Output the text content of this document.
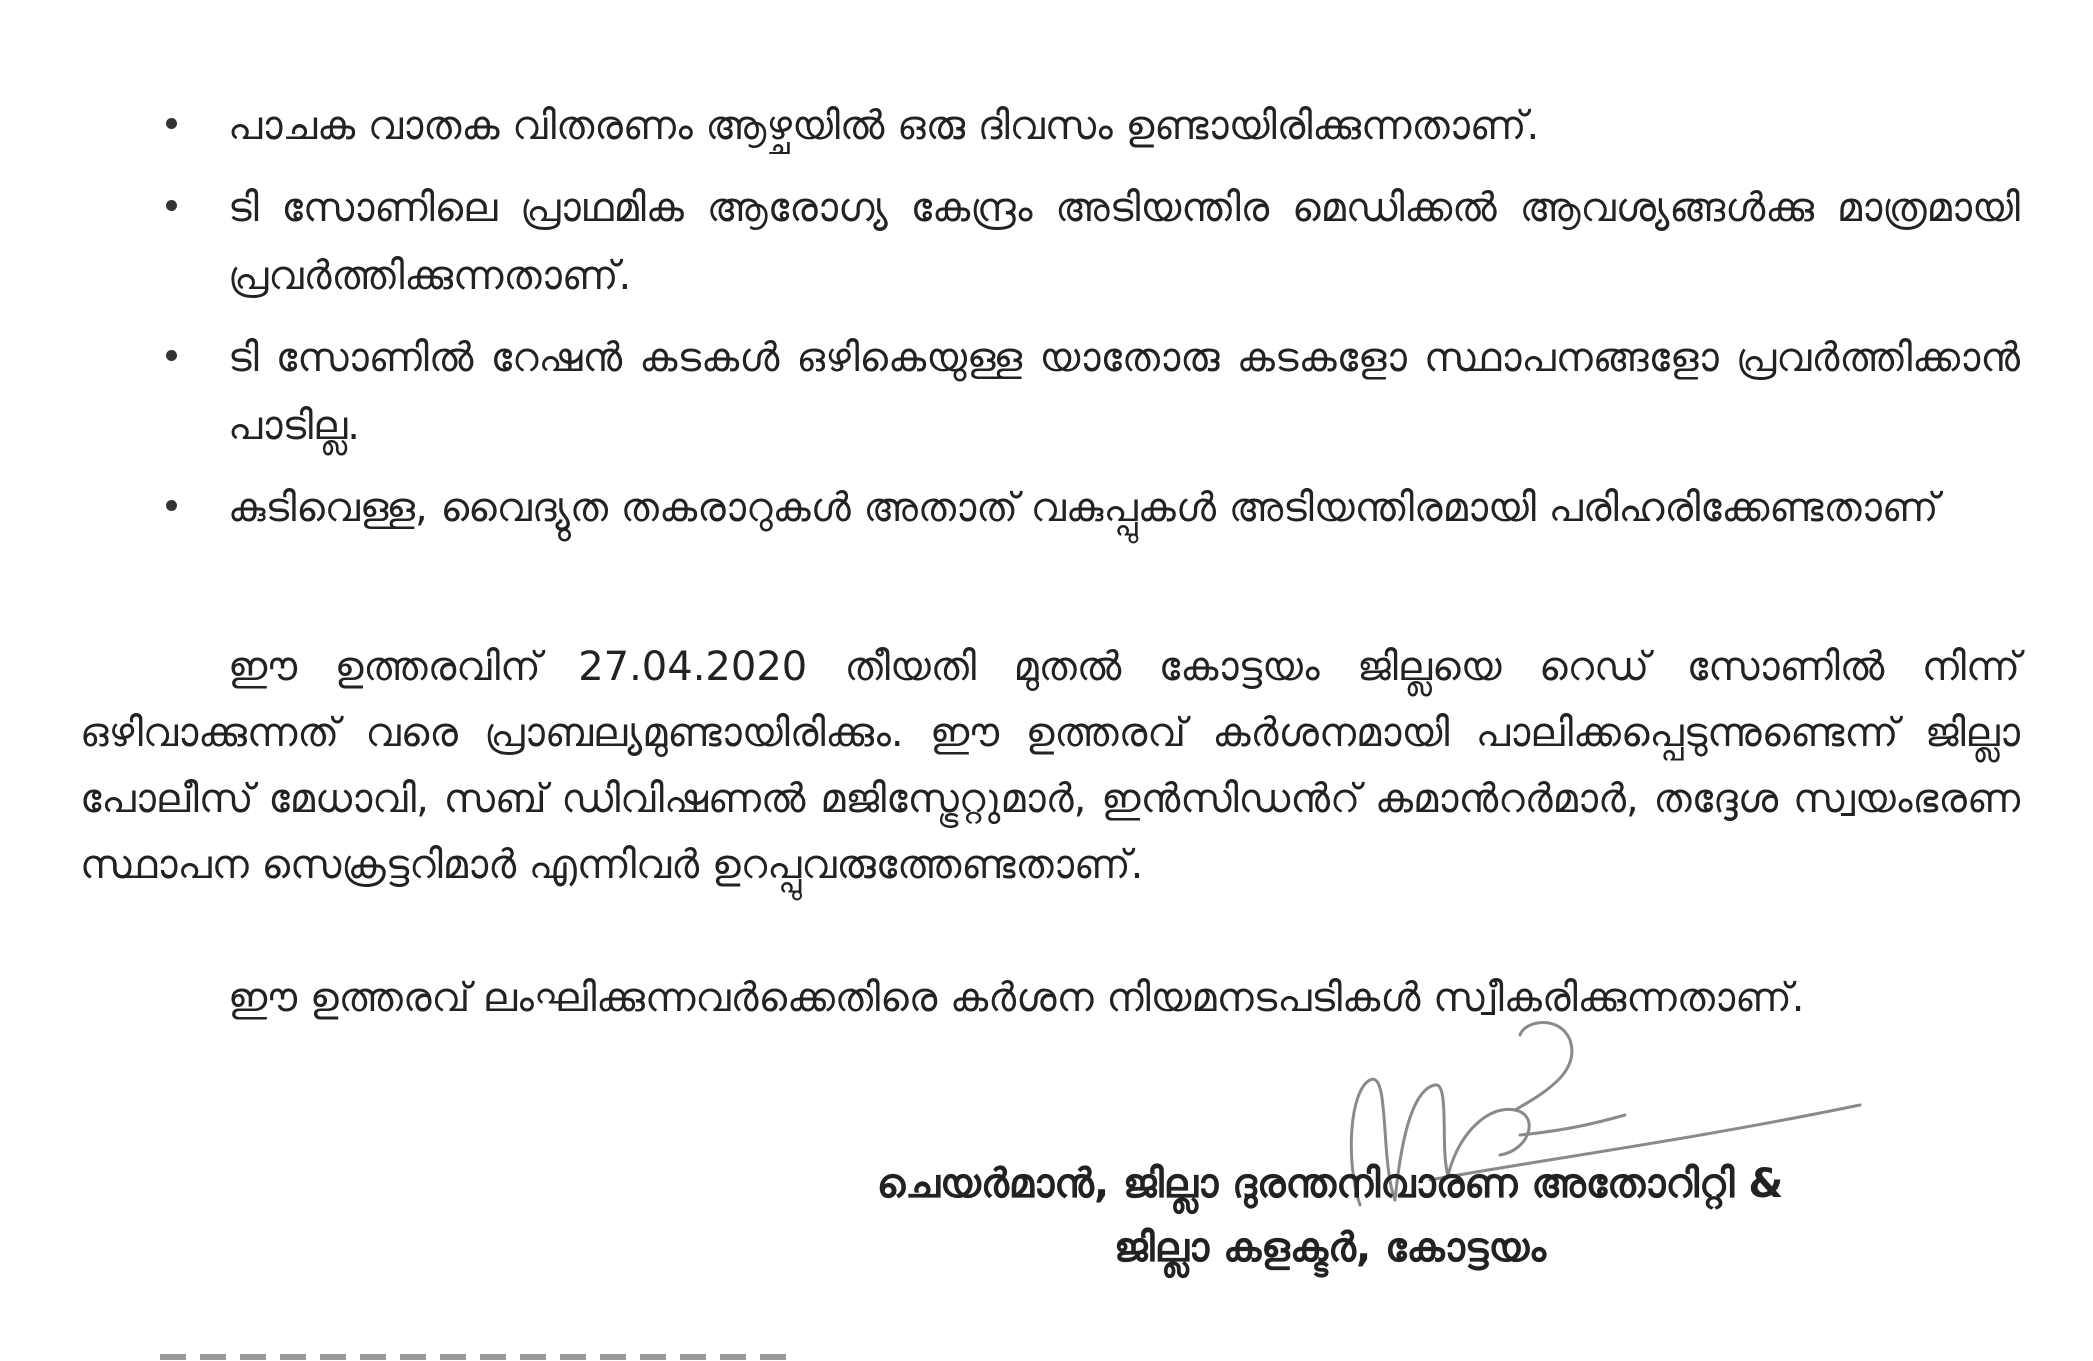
പാചക വാതക വിതരണം ആഴ്ചയിൽ ഒരു ദിവസം ഉണ്ടായിരിക്കുന്നതാണ്.
ടി സോണിലെ പ്രാഥമിക ആരോഗ്യ കേന്ദ്രം അടിയന്തിര മെഡിക്കൽ ആവശ്യങ്ങൾക്കു മാത്രമായി പ്രവർത്തിക്കുന്നതാണ്.
ടി സോണിൽ റേഷൻ കടകൾ ഒഴികെയുള്ള യാതോരു കടകളോ സ്ഥാപനങ്ങളോ പ്രവർത്തിക്കാൻ പാടില്ല.
കുടിവെള്ള, വൈദ്യുത തകരാറുകൾ അതാത് വകുപ്പുകൾ അടിയന്തിരമായി പരിഹരിക്കേണ്ടതാണ്

ഈ ഉത്തരവിന് 27.04.2020 തീയതി മുതൽ കോട്ടയം ജില്ലയെ റെഡ് സോണിൽ നിന്ന് ഒഴിവാക്കുന്നത് വരെ പ്രാബല്യമുണ്ടായിരിക്കും. ഈ ഉത്തരവ് കർശനമായി പാലിക്കപ്പെടുന്നുണ്ടെന്ന് ജില്ലാ പോലീസ് മേധാവി, സബ് ഡിവിഷണൽ മജിസ്ട്രേറ്റുമാർ, ഇൻസിഡൻറ് കമാൻറർമാർ, തദ്ദേശ സ്വയംഭരണ സ്ഥാപന സെക്രട്ടറിമാർ എന്നിവർ ഉറപ്പുവരുത്തേണ്ടതാണ്.

ഈ ഉത്തരവ് ലംഘിക്കുന്നവർക്കെതിരെ കർശന നിയമനടപടികൾ സ്വീകരിക്കുന്നതാണ്.

ചെയർമാൻ, ജില്ലാ ദുരന്തനിവാരണ അതോറിറ്റി &
ജില്ലാ കളക്ടർ, കോട്ടയം
